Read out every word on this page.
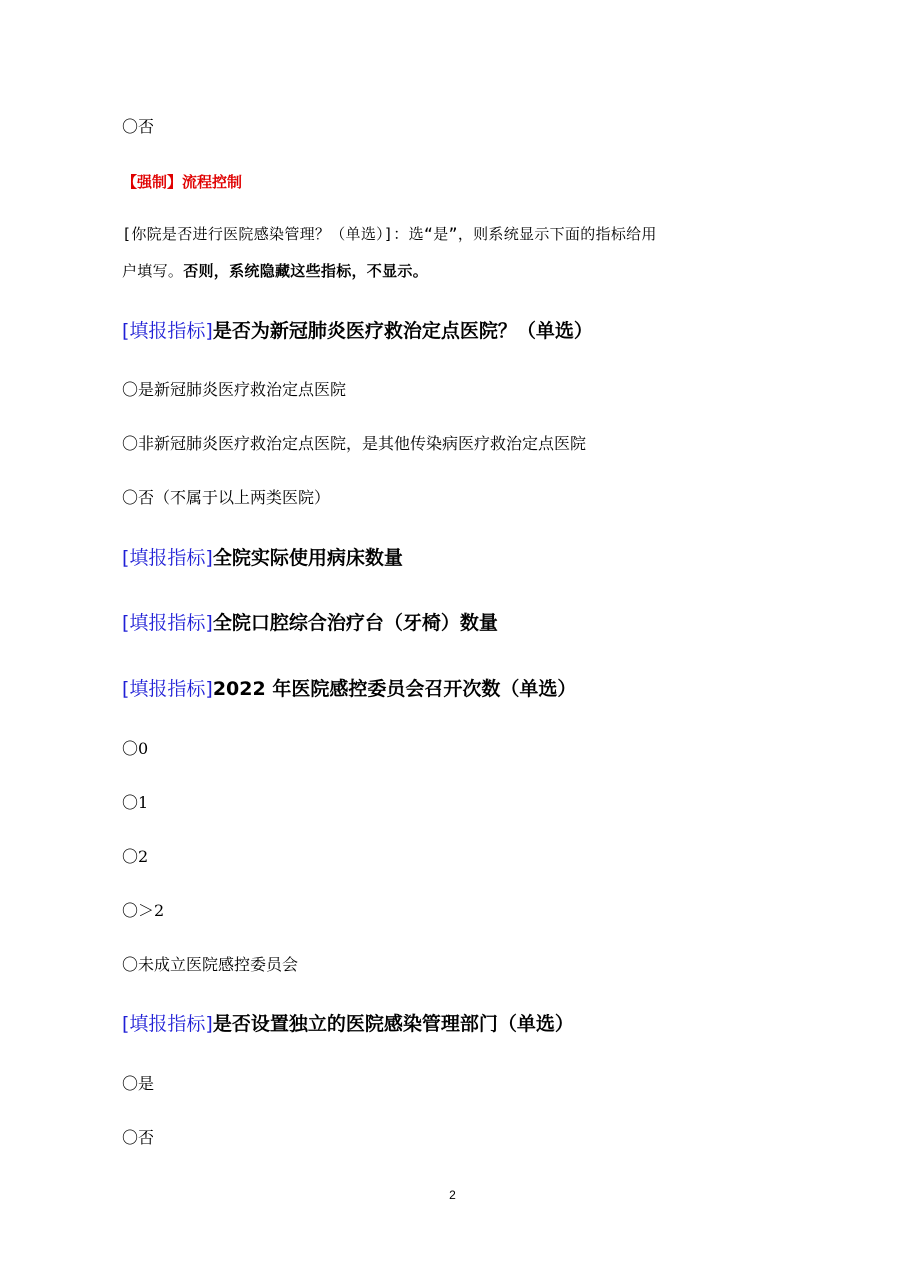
〇否
【强制】流程控制
[你院是否进行医院感染管理？（单选）]：选“是”，则系统显示下面的指标给用
户填写。否则，系统隐藏这些指标，不显示。
[填报指标]是否为新冠肺炎医疗救治定点医院？（单选）
〇是新冠肺炎医疗救治定点医院
〇非新冠肺炎医疗救治定点医院，是其他传染病医疗救治定点医院
〇否（不属于以上两类医院）
[填报指标]全院实际使用病床数量
[填报指标]全院口腔综合治疗台（牙椅）数量
[填报指标]2022 年医院感控委员会召开次数（单选）
〇0
〇1
〇2
〇＞2
〇未成立医院感控委员会
[填报指标]是否设置独立的医院感染管理部门（单选）
〇是
〇否
2
